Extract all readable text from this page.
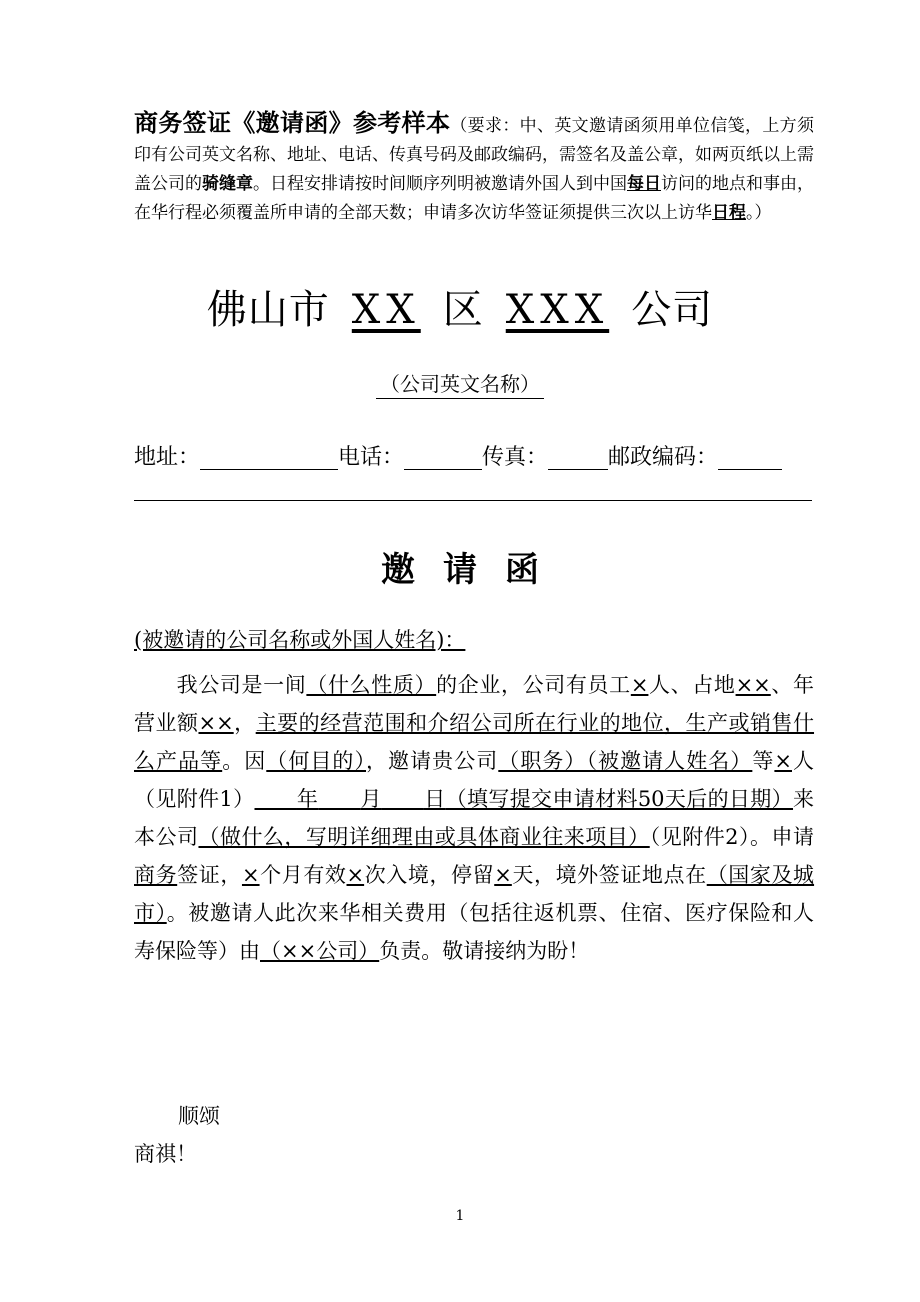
商务签证《邀请函》参考样本（要求：中、英文邀请函须用单位信笺，上方须印有公司英文名称、地址、电话、传真号码及邮政编码，需签名及盖公章，如两页纸以上需盖公司的骑缝章。日程安排请按时间顺序列明被邀请外国人到中国每日访问的地点和事由，在华行程必须覆盖所申请的全部天数；申请多次访华签证须提供三次以上访华日程。）
佛山市 XX 区 XXX 公司
（公司英文名称）
地址：	电话：	传真：	邮政编码：
邀请函
(被邀请的公司名称或外国人姓名)：
我公司是一间（什么性质）的企业，公司有员工×人、占地××、年营业额××，主要的经营范围和介绍公司所在行业的地位，生产或销售什么产品等。因（何目的），邀请贵公司（职务）（被邀请人姓名）等×人（见附件1）   年   月   日（填写提交申请材料50天后的日期）来本公司（做什么，写明详细理由或具体商业往来项目）（见附件2）。申请商务签证，×个月有效×次入境，停留×天，境外签证地点在（国家及城市）。被邀请人此次来华相关费用（包括往返机票、住宿、医疗保险和人寿保险等）由（××公司）负责。敬请接纳为盼！
顺颂
商祺！
1
